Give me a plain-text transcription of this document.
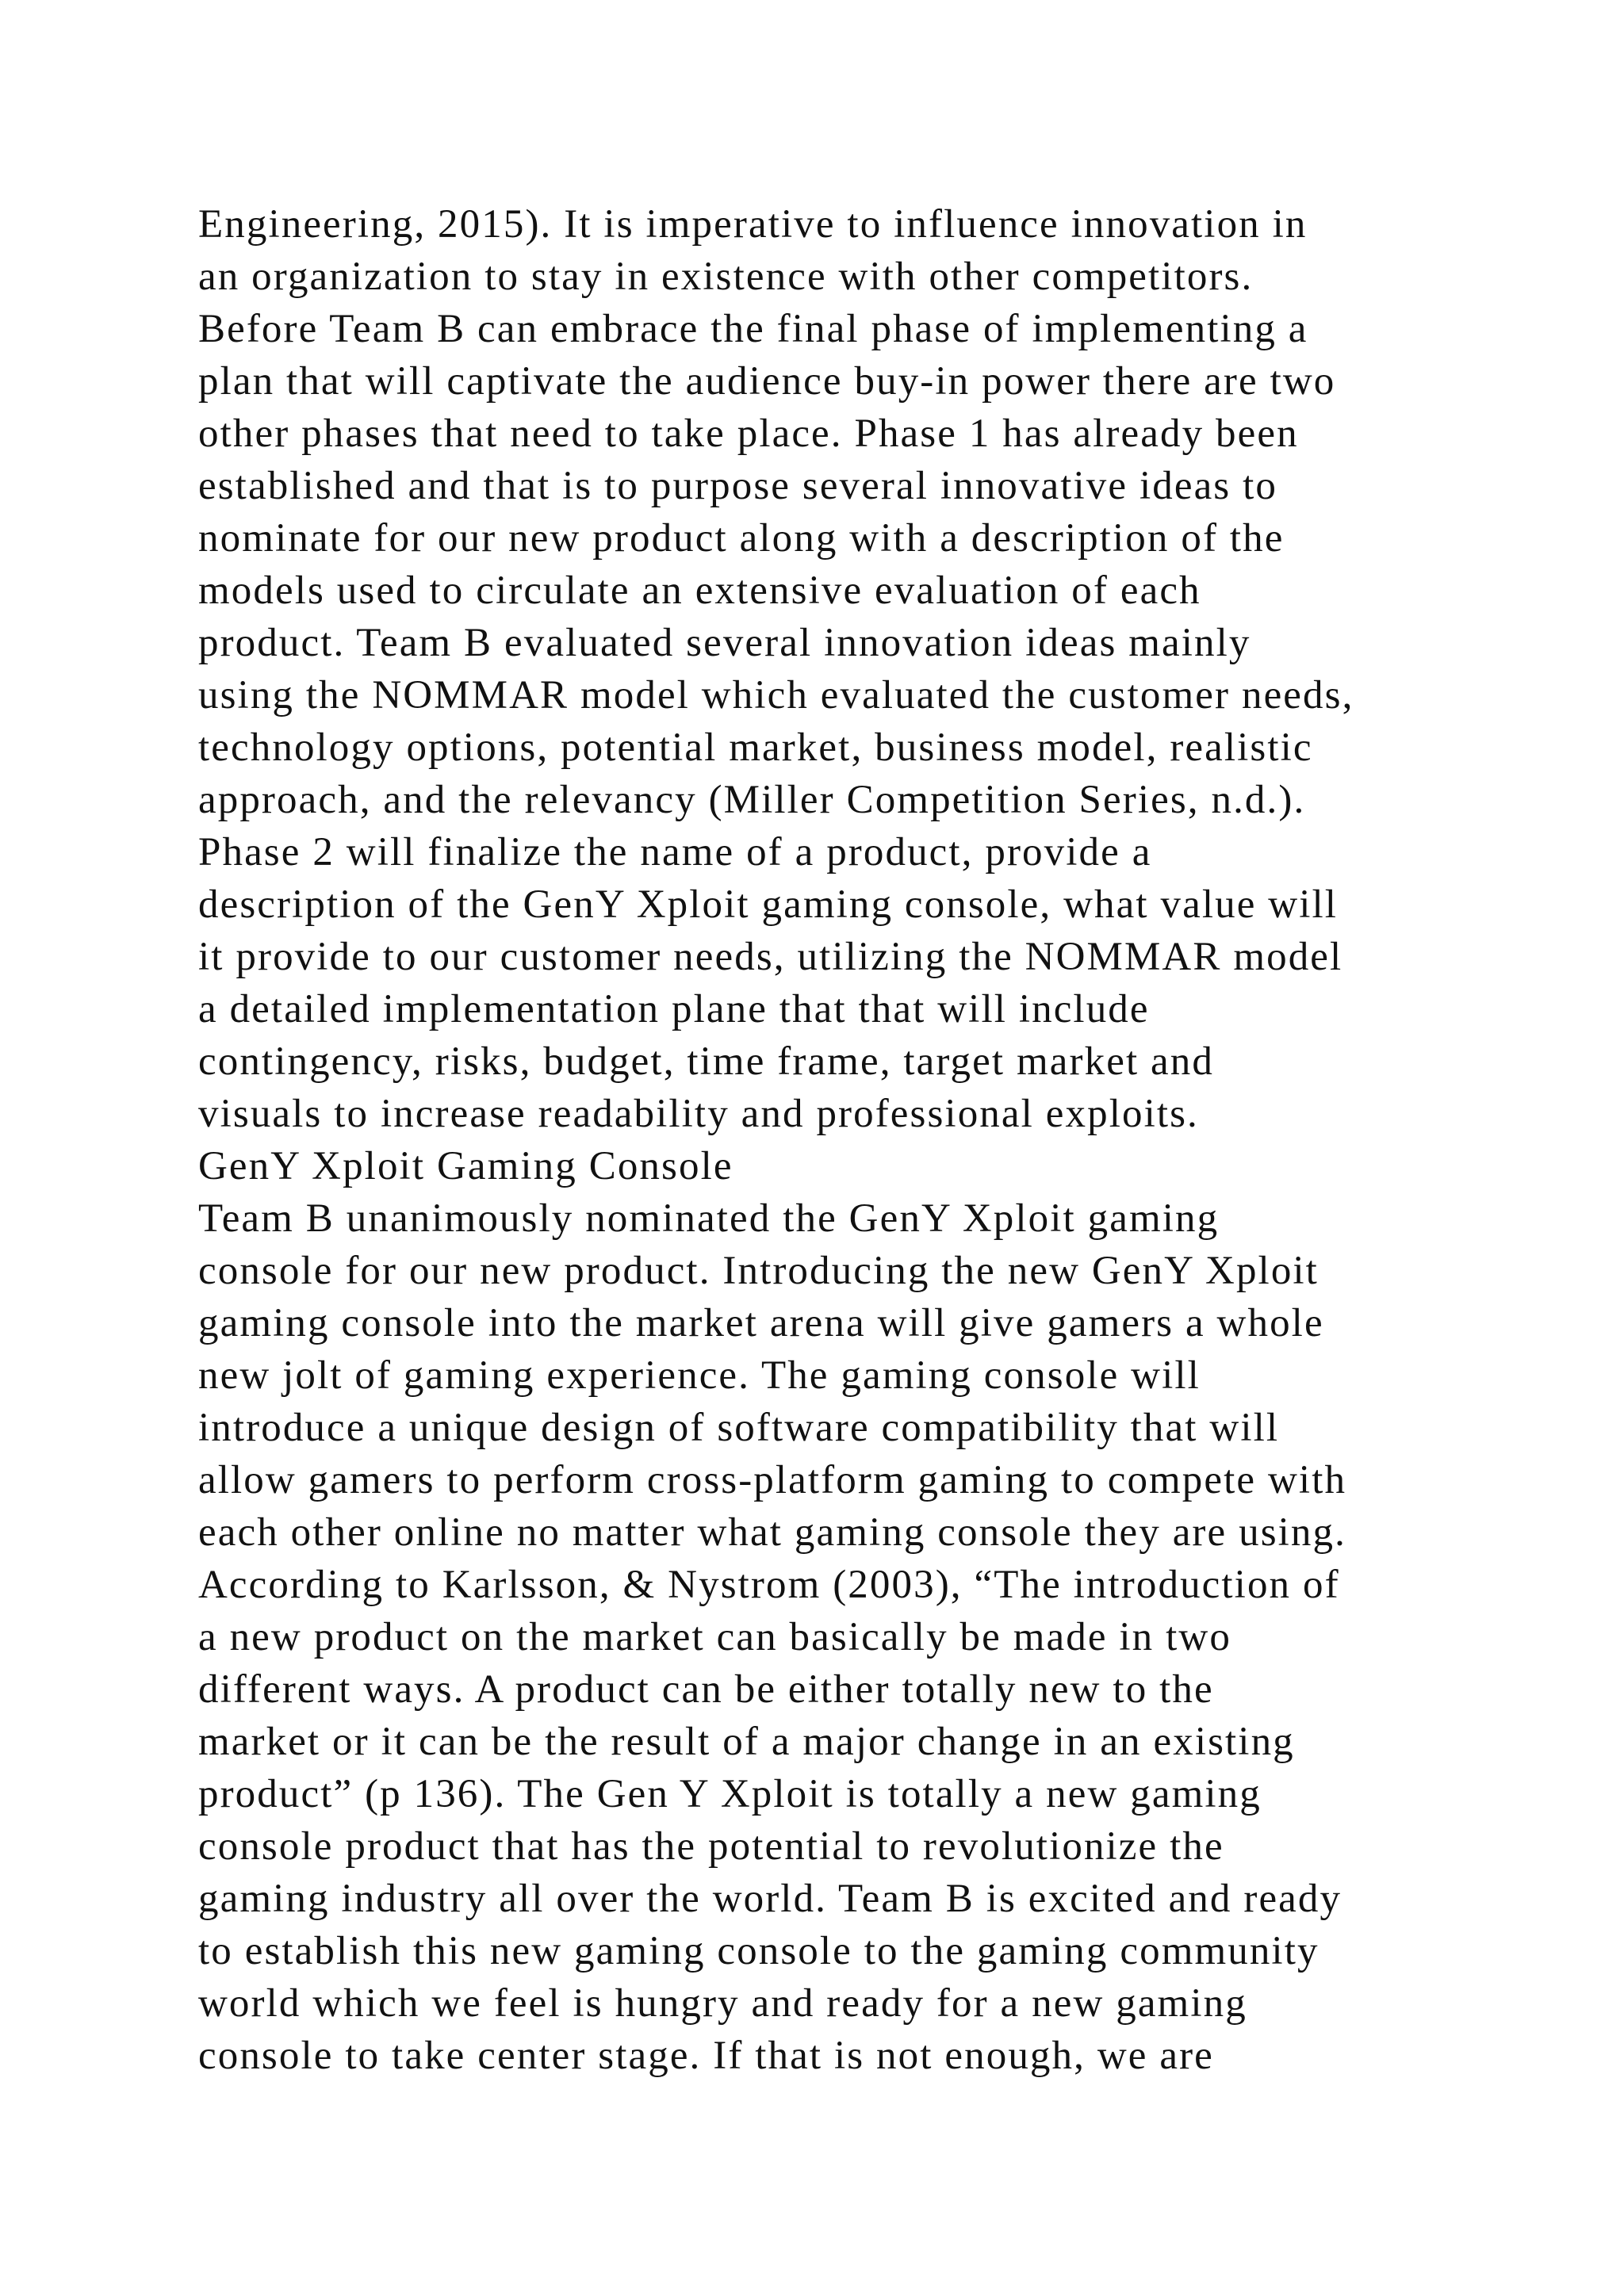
Engineering, 2015). It is imperative to influence innovation in
an organization to stay in existence with other competitors.
Before Team B can embrace the final phase of implementing a
plan that will captivate the audience buy-in power there are two
other phases that need to take place. Phase 1 has already been
established and that is to purpose several innovative ideas to
nominate for our new product along with a description of the
models used to circulate an extensive evaluation of each
product. Team B evaluated several innovation ideas mainly
using the NOMMAR model which evaluated the customer needs,
technology options, potential market, business model, realistic
approach, and the relevancy (Miller Competition Series, n.d.).
Phase 2 will finalize the name of a product, provide a
description of the GenY Xploit gaming console, what value will
it provide to our customer needs, utilizing the NOMMAR model
a detailed implementation plane that that will include
contingency, risks, budget, time frame, target market and
visuals to increase readability and professional exploits.
GenY Xploit Gaming Console
Team B unanimously nominated the GenY Xploit gaming
console for our new product. Introducing the new GenY Xploit
gaming console into the market arena will give gamers a whole
new jolt of gaming experience. The gaming console will
introduce a unique design of software compatibility that will
allow gamers to perform cross-platform gaming to compete with
each other online no matter what gaming console they are using.
According to Karlsson, & Nystrom (2003), “The introduction of
a new product on the market can basically be made in two
different ways. A product can be either totally new to the
market or it can be the result of a major change in an existing
product” (p 136). The Gen Y Xploit is totally a new gaming
console product that has the potential to revolutionize the
gaming industry all over the world. Team B is excited and ready
to establish this new gaming console to the gaming community
world which we feel is hungry and ready for a new gaming
console to take center stage. If that is not enough, we are
